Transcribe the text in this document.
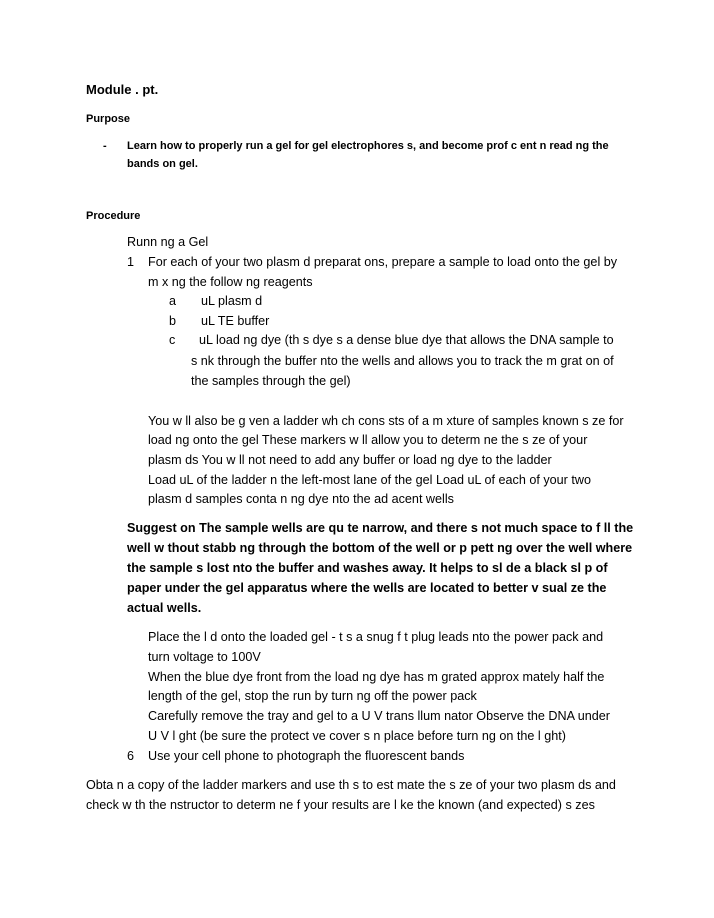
Module . pt.
Purpose
- Learn how to properly run a gel for gel electrophores s, and become prof c ent n read ng the
bands on gel.
Procedure
Runn ng a Gel
1 For each of your two plasm d preparat ons, prepare a sample to load onto the gel by
m x ng the follow ng reagents
a uL plasm d
b uL TE buffer
c uL load ng dye (th s dye s a dense blue dye that allows the DNA sample to
s nk through the buffer nto the wells and allows you to track the m grat on of
the samples through the gel)
You w ll also be g ven a ladder wh ch cons sts of a m xture of samples known s ze for
load ng onto the gel These markers w ll allow you to determ ne the s ze of your
plasm ds You w ll not need to add any buffer or load ng dye to the ladder
Load uL of the ladder n the left-most lane of the gel Load uL of each of your two
plasm d samples conta n ng dye nto the ad acent wells
Suggest on The sample wells are qu te narrow, and there s not much space to f ll the
well w thout stabb ng through the bottom of the well or p pett ng over the well where
the sample s lost nto the buffer and washes away. It helps to sl de a black sl p of
paper under the gel apparatus where the wells are located to better v sual ze the
actual wells.
Place the l d onto the loaded gel - t s a snug f t plug leads nto the power pack and
turn voltage to 100V
When the blue dye front from the load ng dye has m grated approx mately half the
length of the gel, stop the run by turn ng off the power pack
Carefully remove the tray and gel to a U V trans llum nator Observe the DNA under
U V l ght (be sure the protect ve cover s n place before turn ng on the l ght)
6 Use your cell phone to photograph the fluorescent bands
Obta n a copy of the ladder markers and use th s to est mate the s ze of your two plasm ds and
check w th the nstructor to determ ne f your results are l ke the known (and expected) s zes
